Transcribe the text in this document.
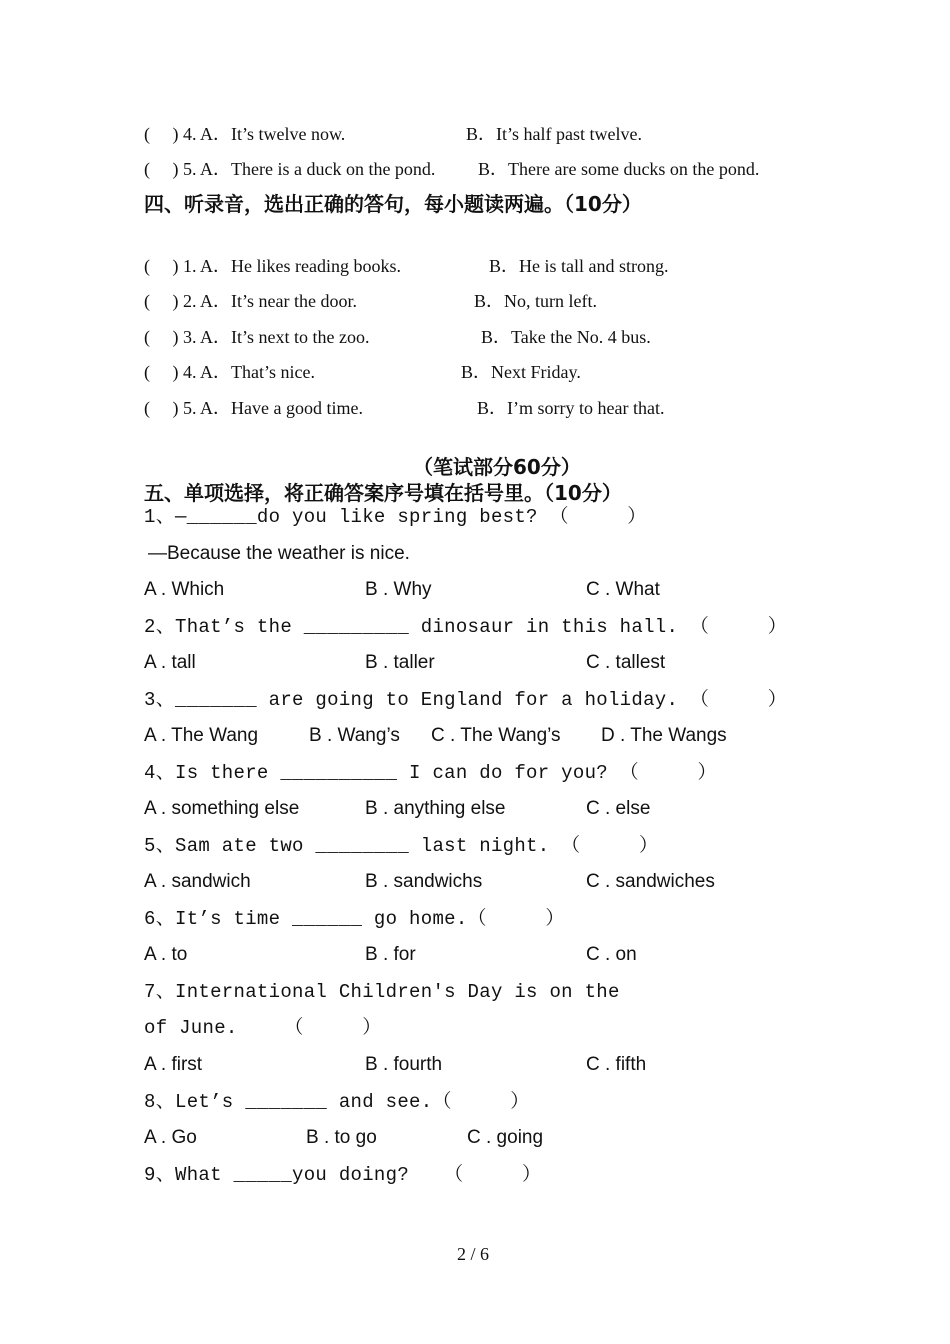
(     ) 4. A．It’s twelve now.	B．It’s half past twelve.
(     ) 5. A．There is a duck on the pond. B．There are some ducks on the pond.
四、听录音，选出正确的答句，每小题读两遍。（10分）
(     ) 1. A．He likes reading books.	B．He is tall and strong.
(     ) 2. A．It’s near the door.	B．No, turn left.
(     ) 3. A．It’s next to the zoo.	B．Take the No. 4 bus.
(     ) 4. A．That’s nice.	B．Next Friday.
(     ) 5. A．Have a good time.	B．I’m sorry to hear that.
（笔试部分60分）
五、单项选择，将正确答案序号填在括号里。（10分）
1、—______do you like spring best? （     ）
—Because the weather is nice.
A . Which	B . Why	C . What
2、That’s the _________ dinosaur in this hall. （     ）
A . tall	B . taller	C . tallest
3、_______ are going to England for a holiday. （     ）
A . The Wang	B . Wang’s C . The Wang’s D . The Wangs
4、Is there __________ I can do for you? （     ）
A . something else	B . anything else	C . else
5、Sam ate two ________ last night. （     ）
A . sandwich	B . sandwichs	C . sandwiches
6、It’s time ______ go home.（     ）
A . to	B . for	C . on
7、International Children's Day is on the
of June.    （     ）
A . first	B . fourth	C . fifth
8、Let’s _______ and see.（     ）
A . Go	B . to go	C . going
9、What _____you doing?   （     ）
2 / 6
